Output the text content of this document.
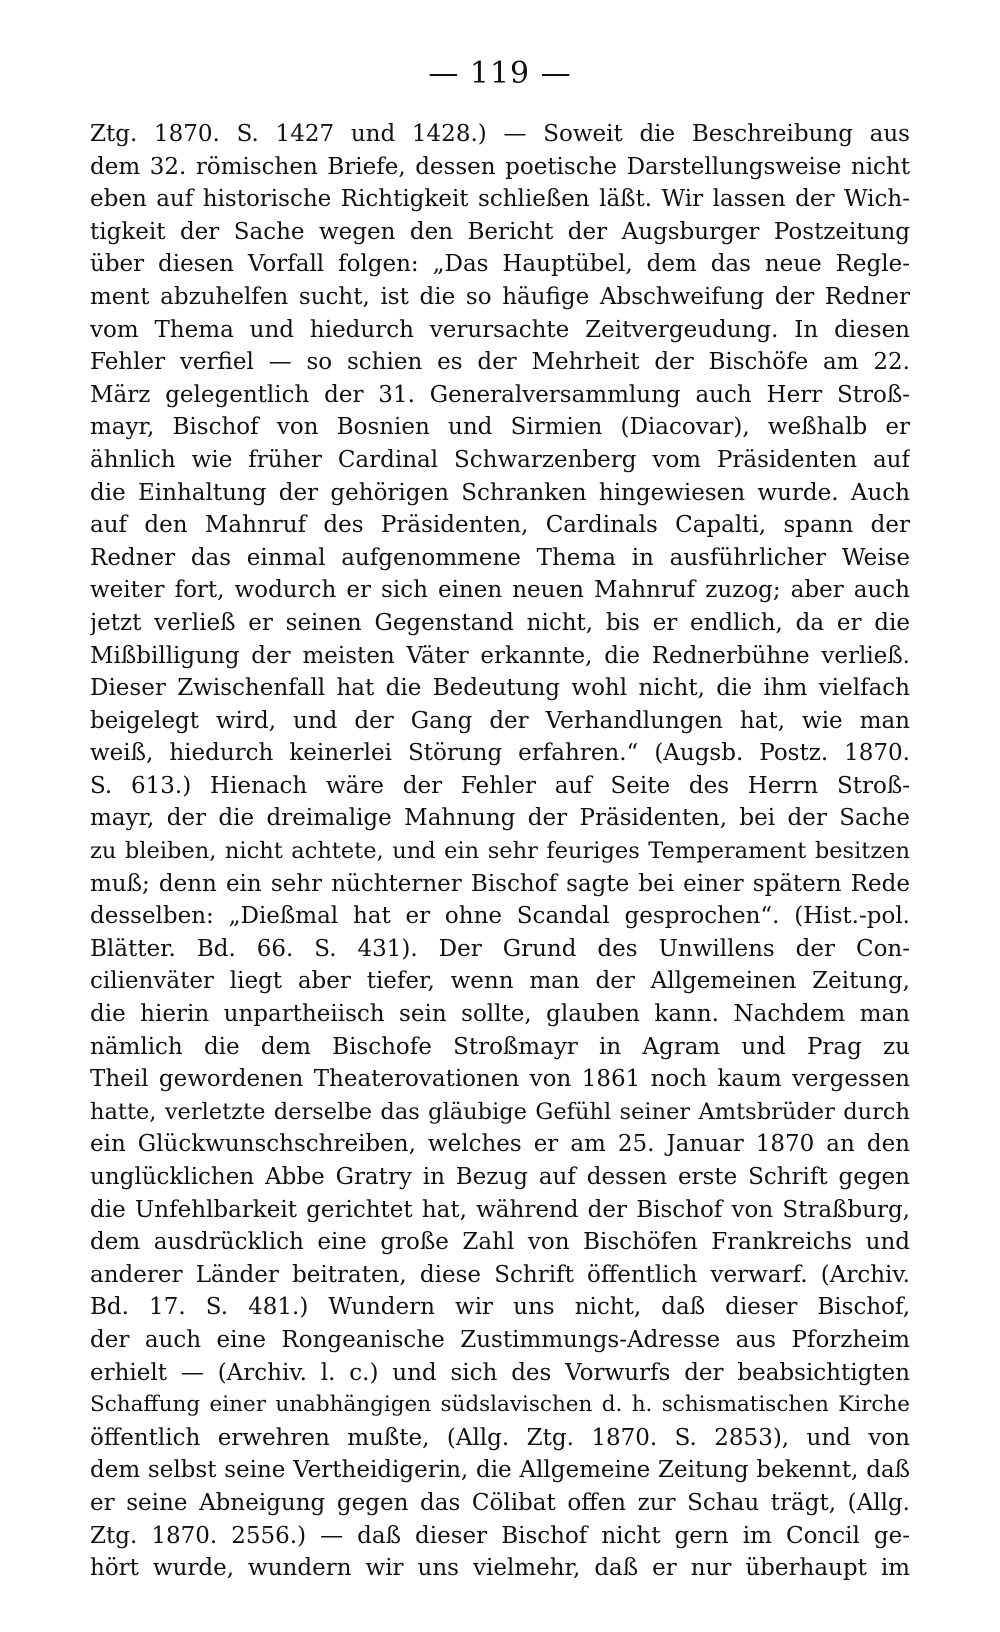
— 119 —
Ztg. 1870. S. 1427 und 1428.) — Soweit die Beschreibung aus
dem 32. römischen Briefe, dessen poetische Darstellungsweise nicht
eben auf historische Richtigkeit schließen läßt. Wir lassen der Wich-
tigkeit der Sache wegen den Bericht der Augsburger Postzeitung
über diesen Vorfall folgen: „Das Hauptübel, dem das neue Regle-
ment abzuhelfen sucht, ist die so häufige Abschweifung der Redner
vom Thema und hiedurch verursachte Zeitvergeudung. In diesen
Fehler verfiel — so schien es der Mehrheit der Bischöfe am 22.
März gelegentlich der 31. Generalversammlung auch Herr Stroß-
mayr, Bischof von Bosnien und Sirmien (Diacovar), weßhalb er
ähnlich wie früher Cardinal Schwarzenberg vom Präsidenten auf
die Einhaltung der gehörigen Schranken hingewiesen wurde. Auch
auf den Mahnruf des Präsidenten, Cardinals Capalti, spann der
Redner das einmal aufgenommene Thema in ausführlicher Weise
weiter fort, wodurch er sich einen neuen Mahnruf zuzog; aber auch
jetzt verließ er seinen Gegenstand nicht, bis er endlich, da er die
Mißbilligung der meisten Väter erkannte, die Rednerbühne verließ.
Dieser Zwischenfall hat die Bedeutung wohl nicht, die ihm vielfach
beigelegt wird, und der Gang der Verhandlungen hat, wie man
weiß, hiedurch keinerlei Störung erfahren.“ (Augsb. Postz. 1870.
S. 613.) Hienach wäre der Fehler auf Seite des Herrn Stroß-
mayr, der die dreimalige Mahnung der Präsidenten, bei der Sache
zu bleiben, nicht achtete, und ein sehr feuriges Temperament besitzen
muß; denn ein sehr nüchterner Bischof sagte bei einer spätern Rede
desselben: „Dießmal hat er ohne Scandal gesprochen“. (Hist.-pol.
Blätter. Bd. 66. S. 431). Der Grund des Unwillens der Con-
cilienväter liegt aber tiefer, wenn man der Allgemeinen Zeitung,
die hierin unpartheiisch sein sollte, glauben kann. Nachdem man
nämlich die dem Bischofe Stroßmayr in Agram und Prag zu
Theil gewordenen Theaterovationen von 1861 noch kaum vergessen
hatte, verletzte derselbe das gläubige Gefühl seiner Amtsbrüder durch
ein Glückwunschschreiben, welches er am 25. Januar 1870 an den
unglücklichen Abbe Gratry in Bezug auf dessen erste Schrift gegen
die Unfehlbarkeit gerichtet hat, während der Bischof von Straßburg,
dem ausdrücklich eine große Zahl von Bischöfen Frankreichs und
anderer Länder beitraten, diese Schrift öffentlich verwarf. (Archiv.
Bd. 17. S. 481.) Wundern wir uns nicht, daß dieser Bischof,
der auch eine Rongeanische Zustimmungs-Adresse aus Pforzheim
erhielt — (Archiv. l. c.) und sich des Vorwurfs der beabsichtigten
Schaffung einer unabhängigen südslavischen d. h. schismatischen Kirche
öffentlich erwehren mußte, (Allg. Ztg. 1870. S. 2853), und von
dem selbst seine Vertheidigerin, die Allgemeine Zeitung bekennt, daß
er seine Abneigung gegen das Cölibat offen zur Schau trägt, (Allg.
Ztg. 1870. 2556.) — daß dieser Bischof nicht gern im Concil ge-
hört wurde, wundern wir uns vielmehr, daß er nur überhaupt im
